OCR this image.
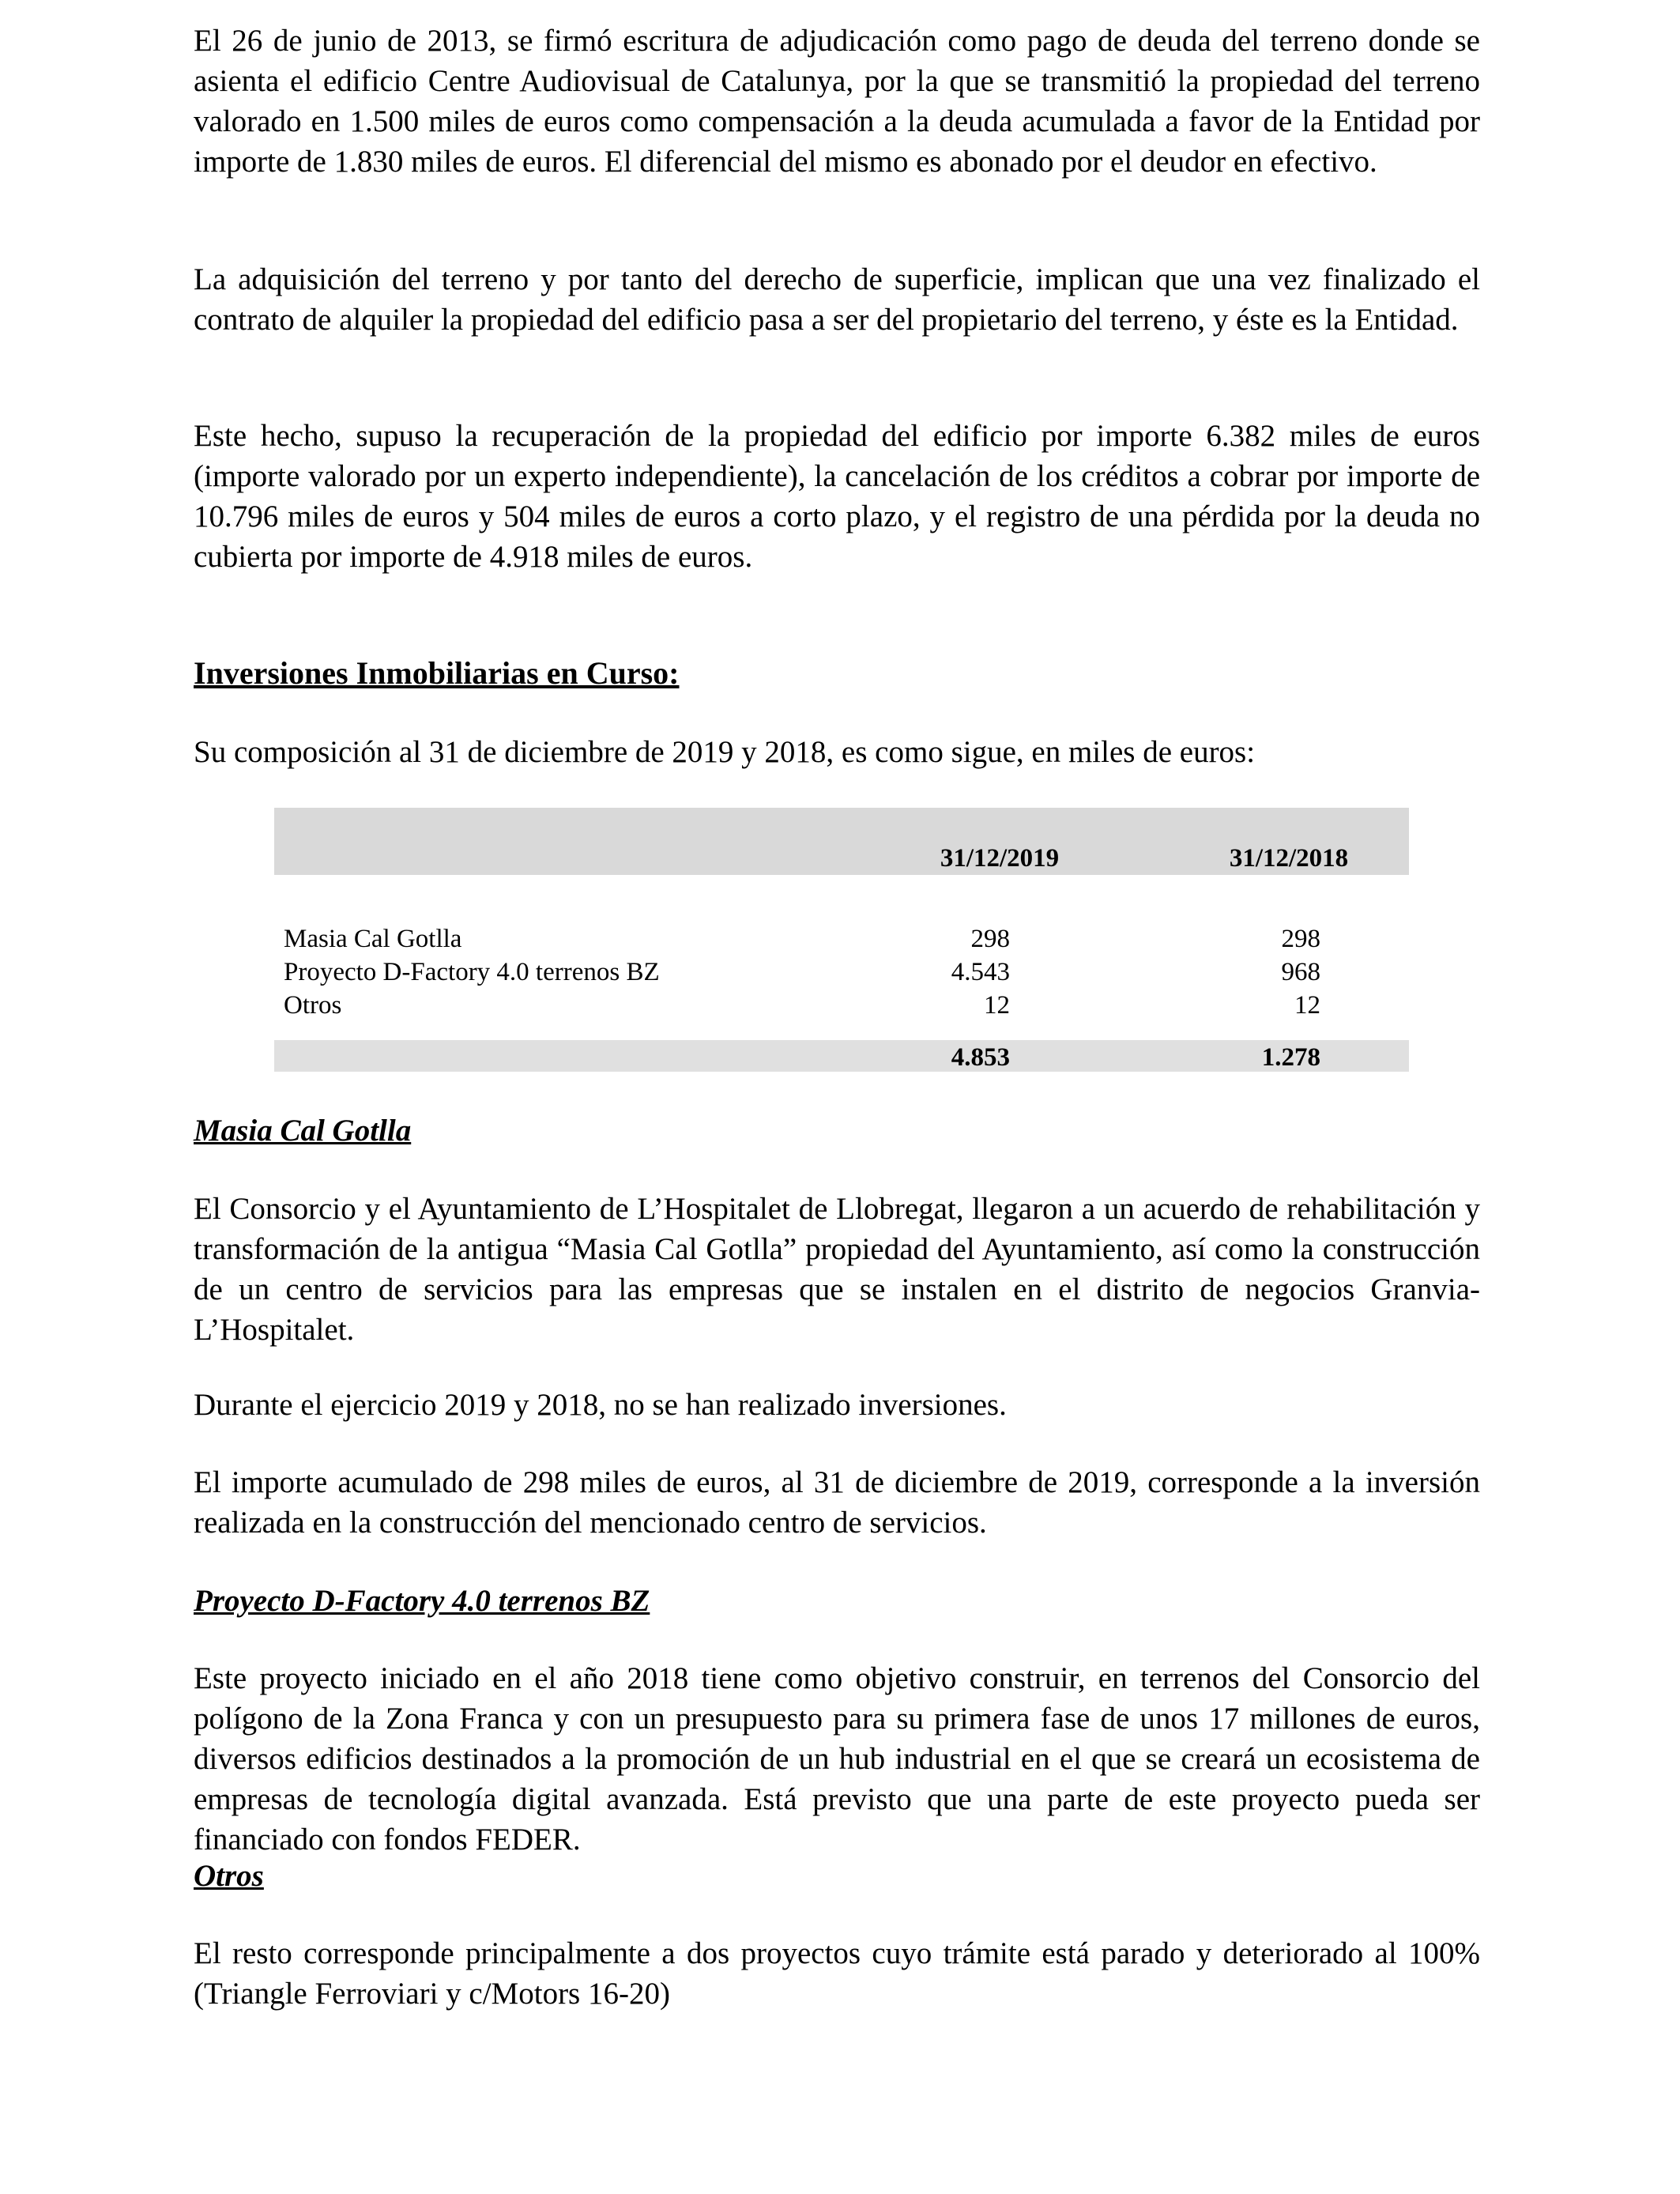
El 26 de junio de 2013, se firmó escritura de adjudicación como pago de deuda del terreno donde se asienta el edificio Centre Audiovisual de Catalunya, por la que se transmitió la propiedad del terreno valorado en 1.500 miles de euros como compensación a la deuda acumulada a favor de la Entidad por importe de 1.830 miles de euros. El diferencial del mismo es abonado por el deudor en efectivo.

La adquisición del terreno y por tanto del derecho de superficie, implican que una vez finalizado el contrato de alquiler la propiedad del edificio pasa a ser del propietario del terreno, y éste es la Entidad.

Este hecho, supuso la recuperación de la propiedad del edificio por importe 6.382 miles de euros (importe valorado por un experto independiente), la cancelación de los créditos a cobrar por importe de 10.796 miles de euros y 504 miles de euros a corto plazo, y el registro de una pérdida por la deuda no cubierta por importe de 4.918 miles de euros.

Inversiones Inmobiliarias en Curso:

Su composición al 31 de diciembre de 2019 y 2018, es como sigue, en miles de euros:

31/12/2019	31/12/2018
Masia Cal Gotlla	298	298
Proyecto D-Factory 4.0 terrenos BZ	4.543	968
Otros	12	12
4.853	1.278
Masia Cal Gotlla

El Consorcio y el Ayuntamiento de L’Hospitalet de Llobregat, llegaron a un acuerdo de rehabilitación y transformación de la antigua “Masia Cal Gotlla” propiedad del Ayuntamiento, así como la construcción de un centro de servicios para las empresas que se instalen en el distrito de negocios Granvia-L’Hospitalet.

Durante el ejercicio 2019 y 2018, no se han realizado inversiones.

El importe acumulado de 298 miles de euros, al 31 de diciembre de 2019, corresponde a la inversión realizada en la construcción del mencionado centro de servicios.

Proyecto D-Factory 4.0 terrenos BZ

Este proyecto iniciado en el año 2018 tiene como objetivo construir, en terrenos del Consorcio del polígono de la Zona Franca y con un presupuesto para su primera fase de unos 17 millones de euros, diversos edificios destinados a la promoción de un hub industrial en el que se creará un ecosistema de empresas de tecnología digital avanzada. Está previsto que una parte de este proyecto pueda ser financiado con fondos FEDER.

Otros

El resto corresponde principalmente a dos proyectos cuyo trámite está parado y deteriorado al 100% (Triangle Ferroviari y c/Motors 16-20)
